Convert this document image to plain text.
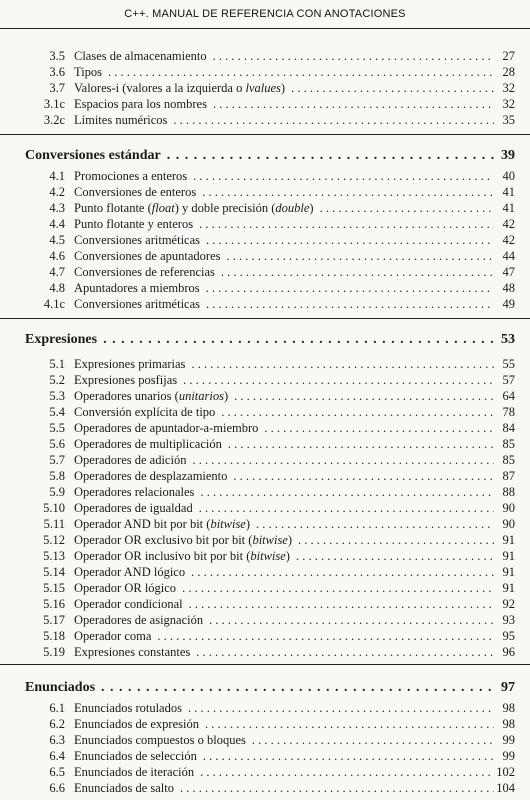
C++. MANUAL DE REFERENCIA CON ANOTACIONES
3.5 Clases de almacenamiento . . .	27
3.6 Tipos . . .	28
3.7 Valores-i (valores a la izquierda o lvalues) . . .	32
3.1c Espacios para los nombres . . .	32
3.2c Límites numéricos . . .	35
Conversiones estándar . . .	39
4.1 Promociones a enteros . . .	40
4.2 Conversiones de enteros . . .	41
4.3 Punto flotante (float) y doble precisión (double) . . .	41
4.4 Punto flotante y enteros . . .	42
4.5 Conversiones aritméticas . . .	42
4.6 Conversiones de apuntadores . . .	44
4.7 Conversiones de referencias . . .	47
4.8 Apuntadores a miembros . . .	48
4.1c Conversiones aritméticas . . .	49
Expresiones . . .	53
5.1 Expresiones primarias . . .	55
5.2 Expresiones posfijas . . .	57
5.3 Operadores unarios (unitarios) . . .	64
5.4 Conversión explícita de tipo . . .	78
5.5 Operadores de apuntador-a-miembro . . .	84
5.6 Operadores de multiplicación . . .	85
5.7 Operadores de adición . . .	85
5.8 Operadores de desplazamiento . . .	87
5.9 Operadores relacionales . . .	88
5.10 Operadores de igualdad . . .	90
5.11 Operador AND bit por bit (bitwise) . . .	90
5.12 Operador OR exclusivo bit por bit (bitwise) . . .	91
5.13 Operador OR inclusivo bit por bit (bitwise) . . .	91
5.14 Operador AND lógico . . .	91
5.15 Operador OR lógico . . .	91
5.16 Operador condicional . . .	92
5.17 Operadores de asignación . . .	93
5.18 Operador coma . . .	95
5.19 Expresiones constantes . . .	96
Enunciados . . .	97
6.1 Enunciados rotulados . . .	98
6.2 Enunciados de expresión . . .	98
6.3 Enunciados compuestos o bloques . . .	99
6.4 Enunciados de selección . . .	99
6.5 Enunciados de iteración . . .	102
6.6 Enunciados de salto . . .	104
